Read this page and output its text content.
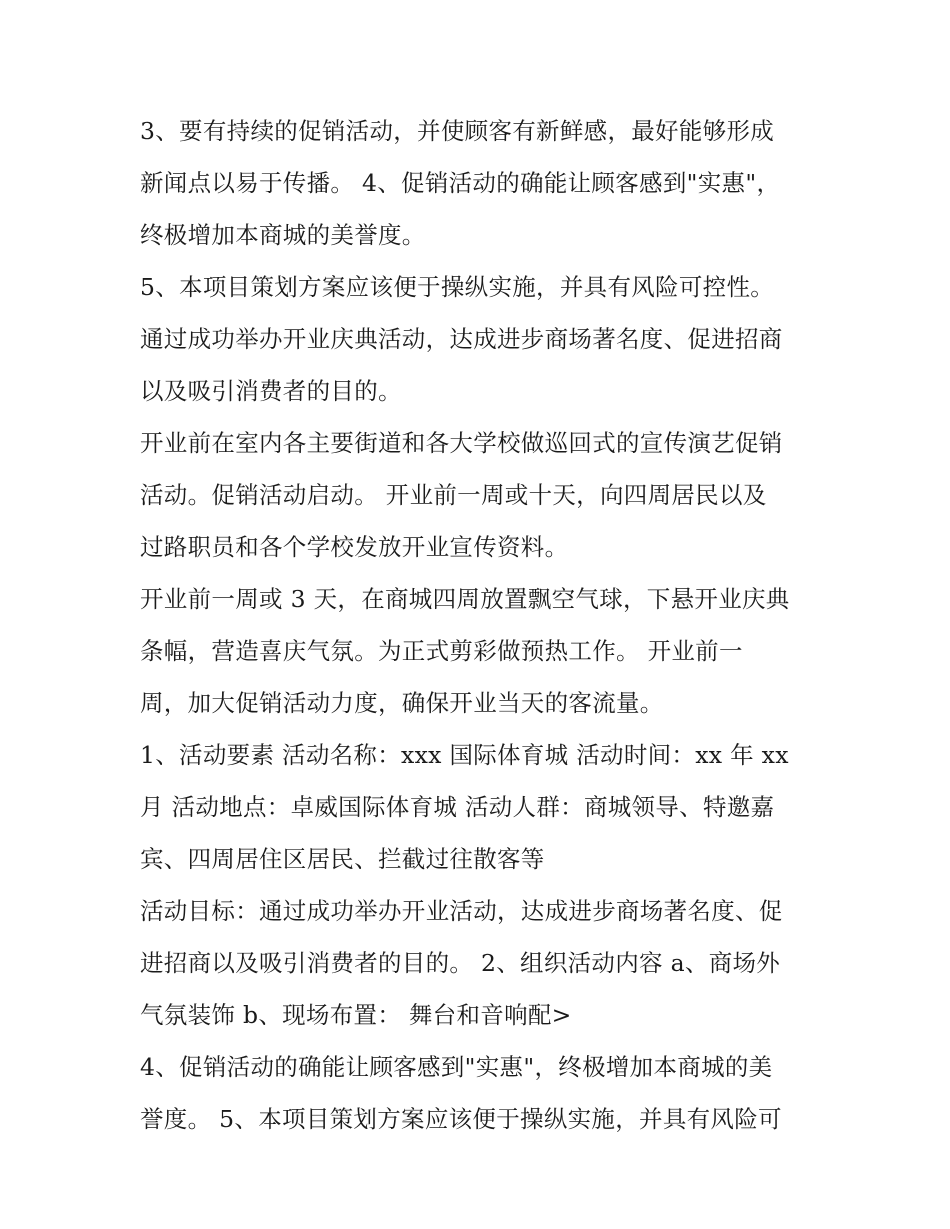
3、要有持续的促销活动，并使顾客有新鲜感，最好能够形成
新闻点以易于传播。 4、促销活动的确能让顾客感到"实惠"，
终极增加本商城的美誉度。
5、本项目策划方案应该便于操纵实施，并具有风险可控性。
通过成功举办开业庆典活动，达成进步商场著名度、促进招商
以及吸引消费者的目的。
开业前在室内各主要街道和各大学校做巡回式的宣传演艺促销
活动。促销活动启动。 开业前一周或十天，向四周居民以及
过路职员和各个学校发放开业宣传资料。
开业前一周或 3 天，在商城四周放置飘空气球，下悬开业庆典
条幅，营造喜庆气氛。为正式剪彩做预热工作。 开业前一
周，加大促销活动力度，确保开业当天的客流量。
1、活动要素 活动名称：xxx 国际体育城 活动时间：xx 年 xx
月 活动地点：卓威国际体育城 活动人群：商城领导、特邀嘉
宾、四周居住区居民、拦截过往散客等
活动目标：通过成功举办开业活动，达成进步商场著名度、促
进招商以及吸引消费者的目的。 2、组织活动内容 a、商场外
气氛装饰 b、现场布置： 舞台和音响配>
4、促销活动的确能让顾客感到"实惠"，终极增加本商城的美
誉度。 5、本项目策划方案应该便于操纵实施，并具有风险可
